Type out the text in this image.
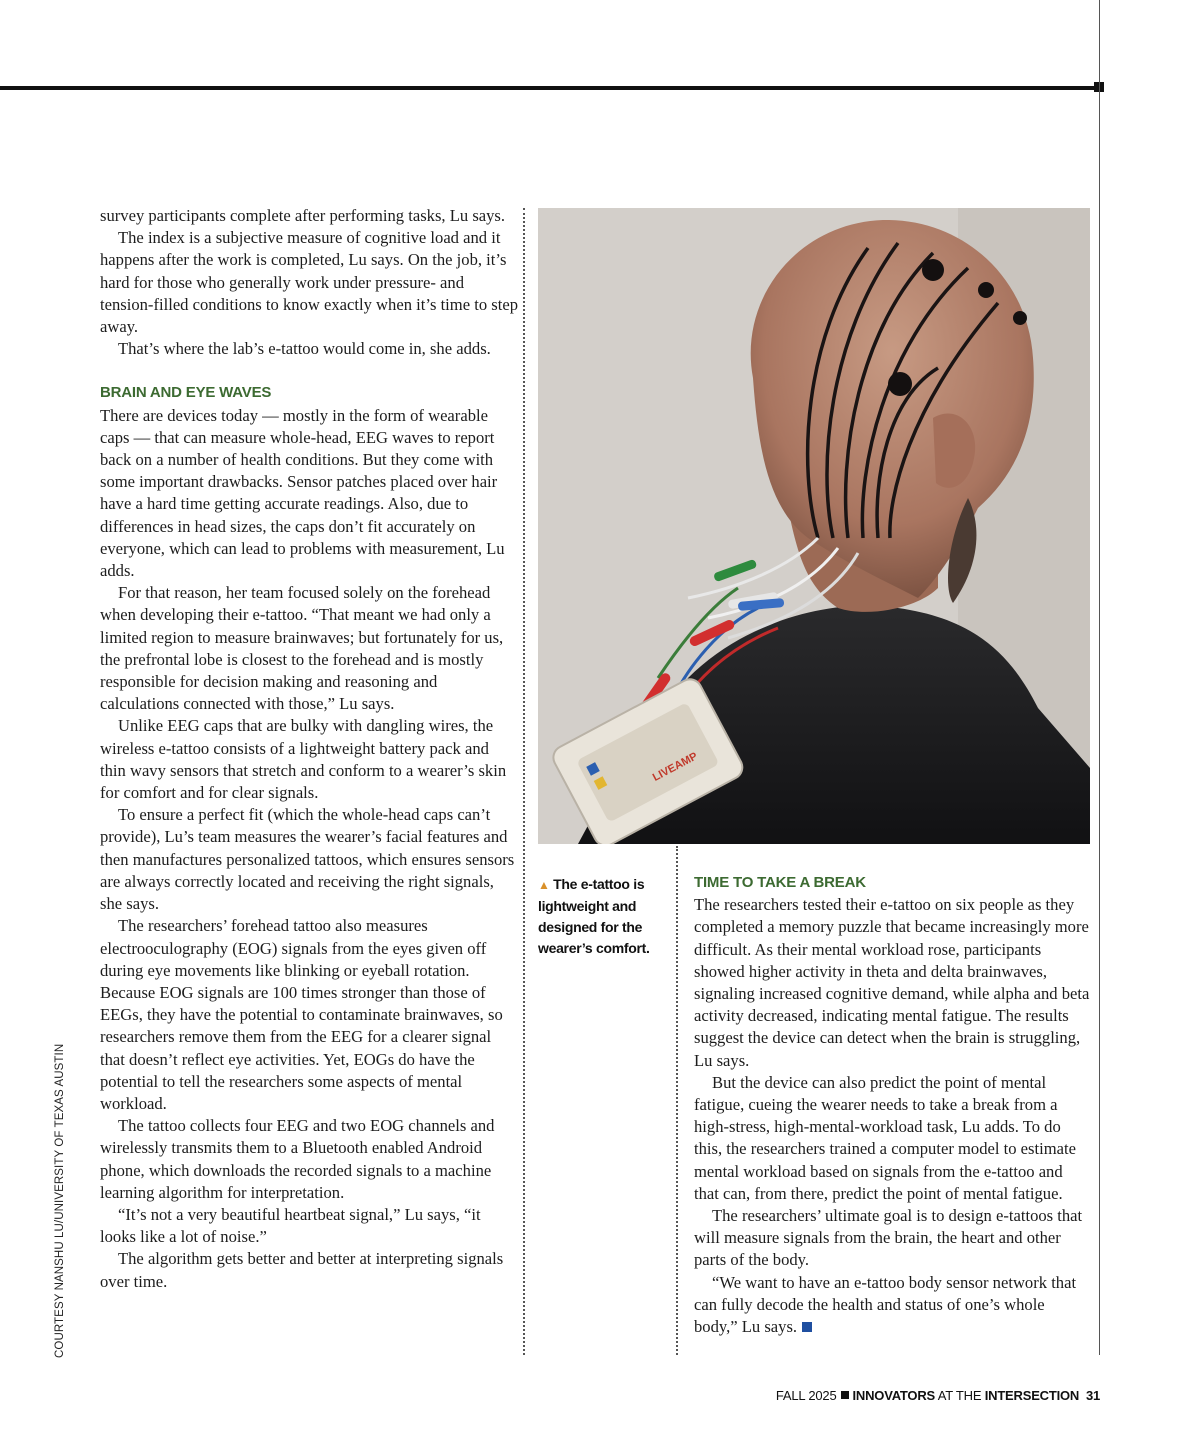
survey participants complete after performing tasks, Lu says.

The index is a subjective measure of cognitive load and it happens after the work is completed, Lu says. On the job, it’s hard for those who generally work under pressure- and tension-filled conditions to know exactly when it’s time to step away.

That’s where the lab’s e-tattoo would come in, she adds.

BRAIN AND EYE WAVES

There are devices today — mostly in the form of wearable caps — that can measure whole-head, EEG waves to report back on a number of health conditions. But they come with some important drawbacks. Sensor patches placed over hair have a hard time getting accurate readings. Also, due to differences in head sizes, the caps don’t fit accurately on everyone, which can lead to problems with measurement, Lu adds.

For that reason, her team focused solely on the forehead when developing their e-tattoo. “That meant we had only a limited region to measure brainwaves; but fortunately for us, the prefrontal lobe is closest to the forehead and is mostly responsible for decision making and reasoning and calculations connected with those,” Lu says.

Unlike EEG caps that are bulky with dangling wires, the wireless e-tattoo consists of a lightweight battery pack and thin wavy sensors that stretch and conform to a wearer’s skin for comfort and for clear signals.

To ensure a perfect fit (which the whole-head caps can’t provide), Lu’s team measures the wearer’s facial features and then manufactures personalized tattoos, which ensures sensors are always correctly located and receiving the right signals, she says.

The researchers’ forehead tattoo also measures electrooculography (EOG) signals from the eyes given off during eye movements like blinking or eyeball rotation. Because EOG signals are 100 times stronger than those of EEGs, they have the potential to contaminate brainwaves, so researchers remove them from the EEG for a clearer signal that doesn’t reflect eye activities. Yet, EOGs do have the potential to tell the researchers some aspects of mental workload.

The tattoo collects four EEG and two EOG channels and wirelessly transmits them to a Bluetooth enabled Android phone, which downloads the recorded signals to a machine learning algorithm for interpretation.

“It’s not a very beautiful heartbeat signal,” Lu says, “it looks like a lot of noise.”

The algorithm gets better and better at interpreting signals over time.

LIVEAMP
▲ The e-tattoo is lightweight and designed for the wearer’s comfort.

TIME TO TAKE A BREAK

The researchers tested their e-tattoo on six people as they completed a memory puzzle that became increasingly more difficult. As their mental workload rose, participants showed higher activity in theta and delta brainwaves, signaling increased cognitive demand, while alpha and beta activity decreased, indicating mental fatigue. The results suggest the device can detect when the brain is struggling, Lu says.

But the device can also predict the point of mental fatigue, cueing the wearer needs to take a break from a high-stress, high-mental-workload task, Lu adds. To do this, the researchers trained a computer model to estimate mental workload based on signals from the e-tattoo and that can, from there, predict the point of mental fatigue.

The researchers’ ultimate goal is to design e-tattoos that will measure signals from the brain, the heart and other parts of the body.

“We want to have an e-tattoo body sensor network that can fully decode the health and status of one’s whole body,” Lu says.

COURTESY NANSHU LU/UNIVERSITY OF TEXAS AUSTIN
FALL 2025 INNOVATORS AT THE INTERSECTION 31
